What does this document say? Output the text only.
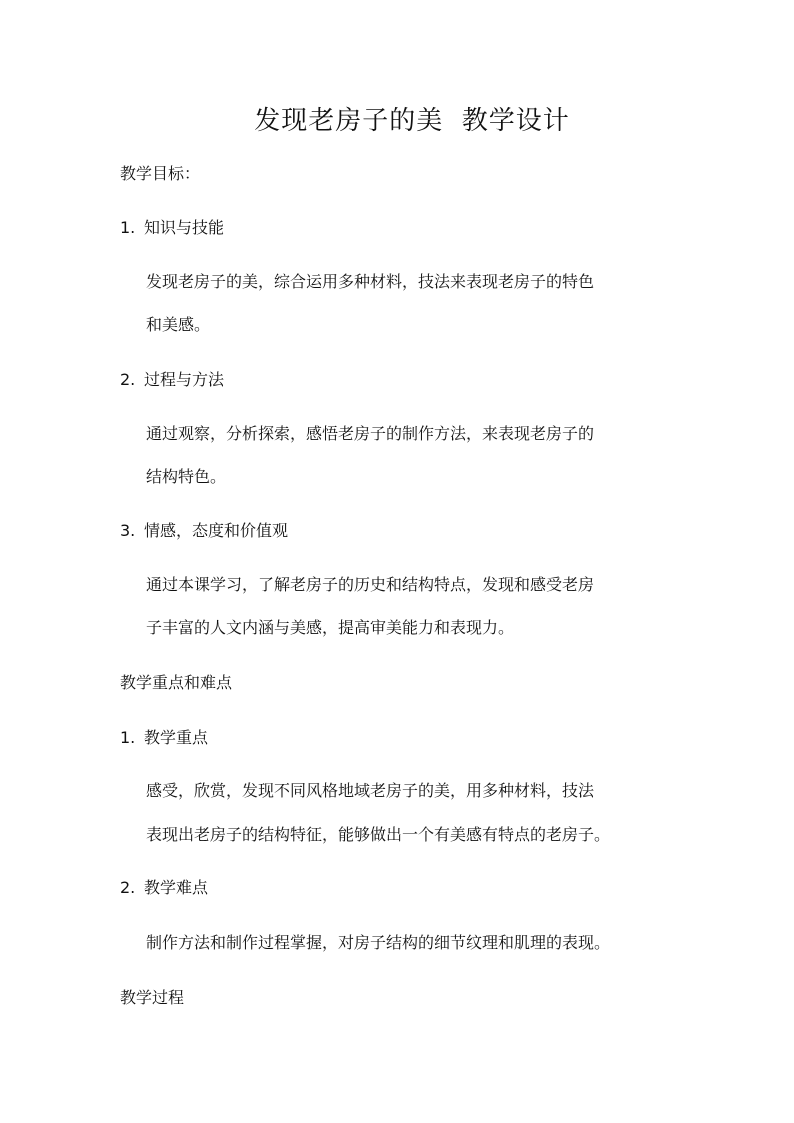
发现老房子的美  教学设计
教学目标：
1. 知识与技能
发现老房子的美，综合运用多种材料，技法来表现老房子的特色
和美感。
2. 过程与方法
通过观察，分析探索，感悟老房子的制作方法，来表现老房子的
结构特色。
3. 情感，态度和价值观
通过本课学习，了解老房子的历史和结构特点，发现和感受老房
子丰富的人文内涵与美感，提高审美能力和表现力。
教学重点和难点
1. 教学重点
感受，欣赏，发现不同风格地域老房子的美，用多种材料，技法
表现出老房子的结构特征，能够做出一个有美感有特点的老房子。
2. 教学难点
制作方法和制作过程掌握，对房子结构的细节纹理和肌理的表现。
教学过程
